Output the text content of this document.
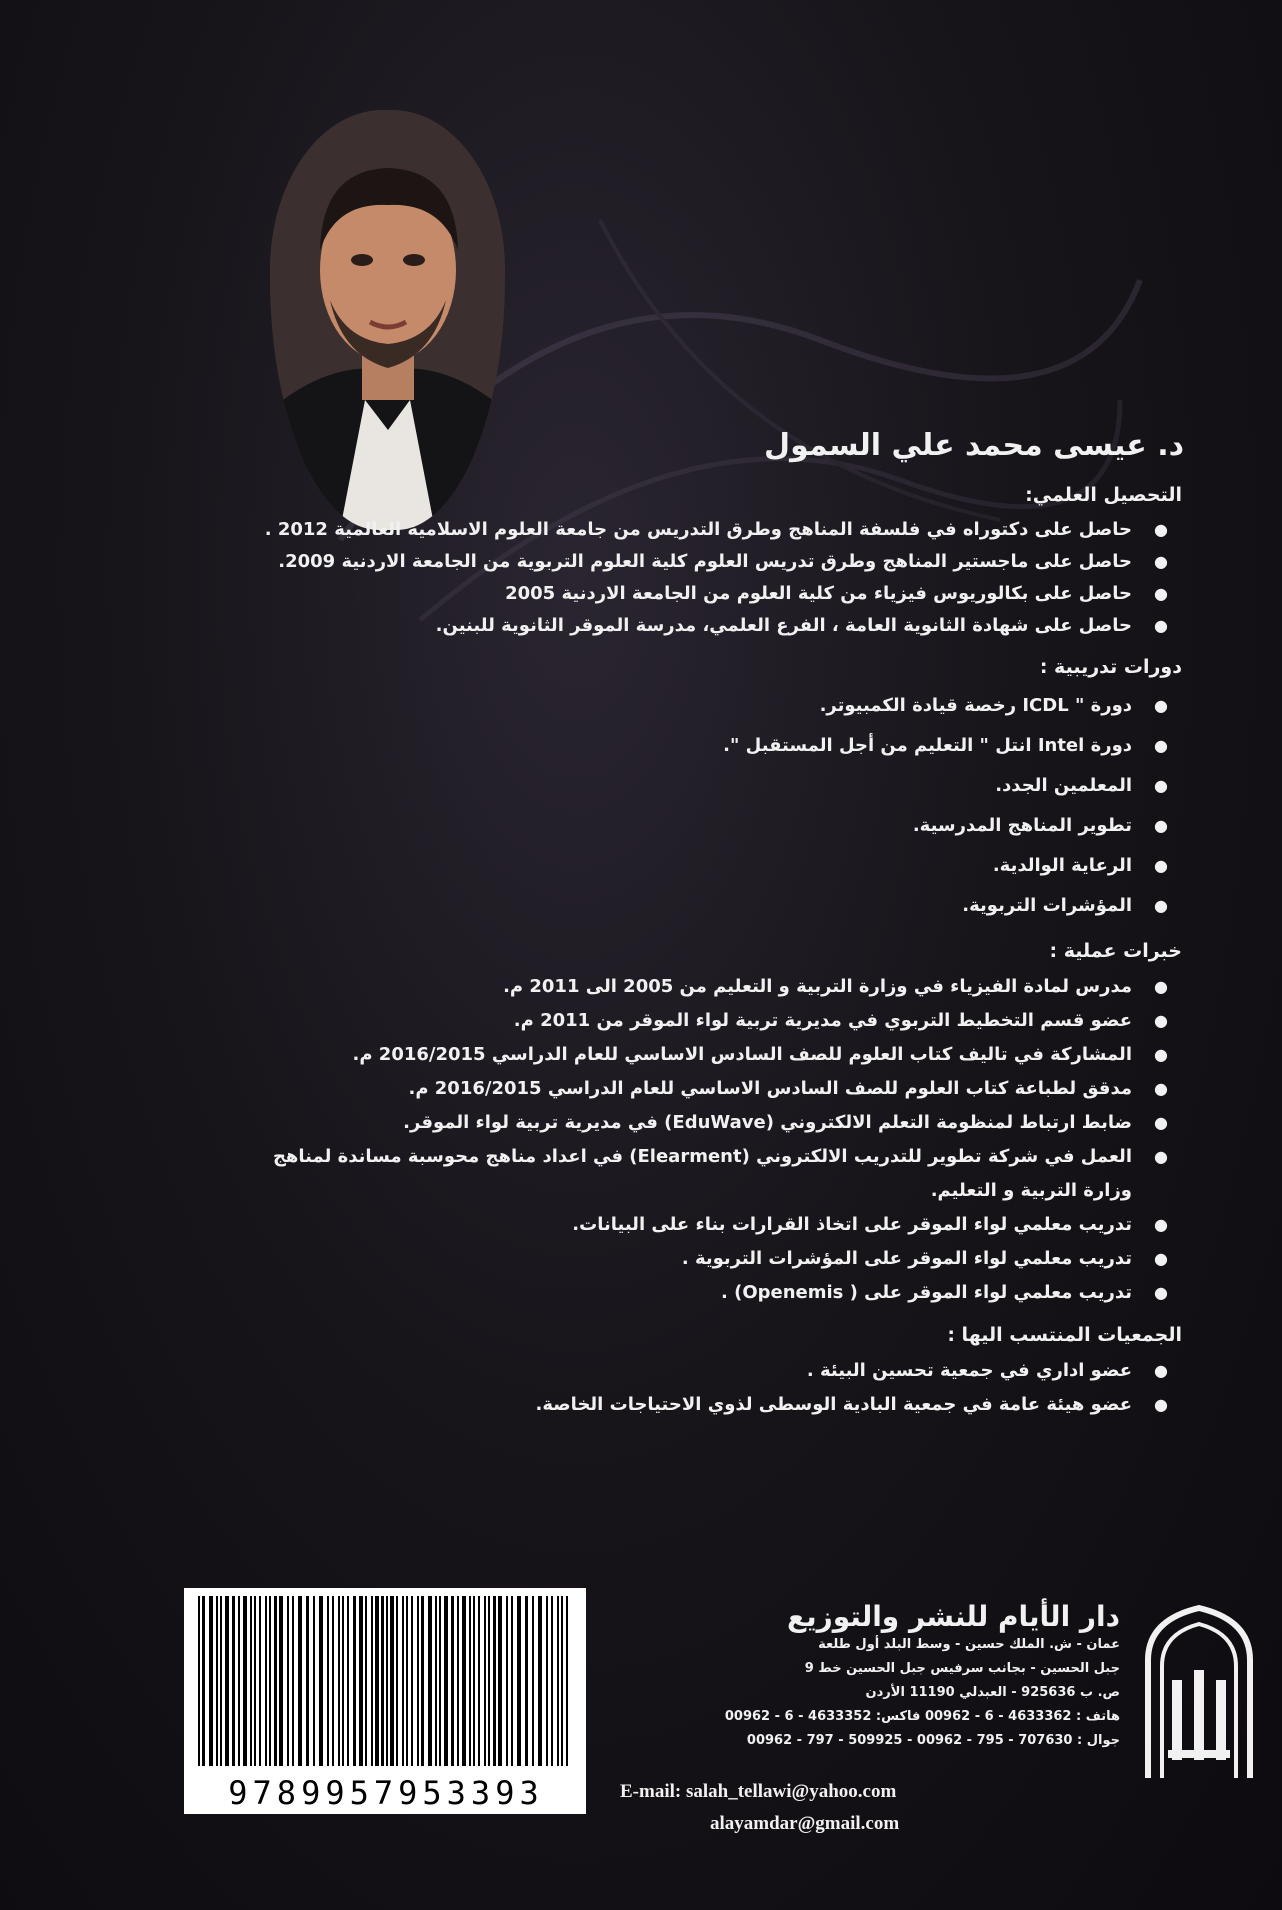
د. عيسى محمد علي السمول
التحصيل العلمي:
●
حاصل على دكتوراه في فلسفة المناهج وطرق التدريس من جامعة العلوم الاسلامية العالمية 2012 .
●
حاصل على ماجستير المناهج وطرق تدريس العلوم كلية العلوم التربوية من الجامعة الاردنية 2009.
●
حاصل على بكالوريوس فيزياء من كلية العلوم من الجامعة الاردنية 2005
●
حاصل على شهادة الثانوية العامة ، الفرع العلمي، مدرسة الموقر الثانوية للبنين.
دورات تدريبية :
●
دورة " ICDL رخصة قيادة الكمبيوتر.
●
دورة Intel انتل " التعليم من أجل المستقبل ".
●
المعلمين الجدد.
●
تطوير المناهج المدرسية.
●
الرعاية الوالدية.
●
المؤشرات التربوية.
خبرات عملية :
●
مدرس لمادة الفيزياء في وزارة التربية و التعليم من 2005 الى 2011 م.
●
عضو قسم التخطيط التربوي في مديرية تربية لواء الموقر من 2011 م.
●
المشاركة في تاليف كتاب العلوم للصف السادس الاساسي للعام الدراسي 2016/2015 م.
●
مدقق لطباعة كتاب العلوم للصف السادس الاساسي للعام الدراسي 2016/2015 م.
●
ضابط ارتباط لمنظومة التعلم الالكتروني (EduWave) في مديرية تربية لواء الموقر.
●
العمل في شركة تطوير للتدريب الالكتروني (Elearment) في اعداد مناهج محوسبة مساندة لمناهج وزارة التربية و التعليم.
●
تدريب معلمي لواء الموقر على اتخاذ القرارات بناء على البيانات.
●
تدريب معلمي لواء الموقر على المؤشرات التربوية .
●
تدريب معلمي لواء الموقر على ( Openemis) .
الجمعيات المنتسب اليها :
●
عضو اداري في جمعية تحسين البيئة .
●
عضو هيئة عامة في جمعية البادية الوسطى لذوي الاحتياجات الخاصة.
9789957953393
دار الأيام للنشر والتوزيع
عمان - ش. الملك حسين - وسط البلد أول طلعة
جبل الحسين - بجانب سرفيس جبل الحسين خط 9
ص. ب 925636 - العبدلي 11190 الأردن
هاتف : 4633362 - 6 - 00962 فاكس: 4633352 - 6 - 00962
جوال : 707630 - 795 - 00962 - 509925 - 797 - 00962
E-mail: salah_tellawi@yahoo.com
alayamdar@gmail.com
